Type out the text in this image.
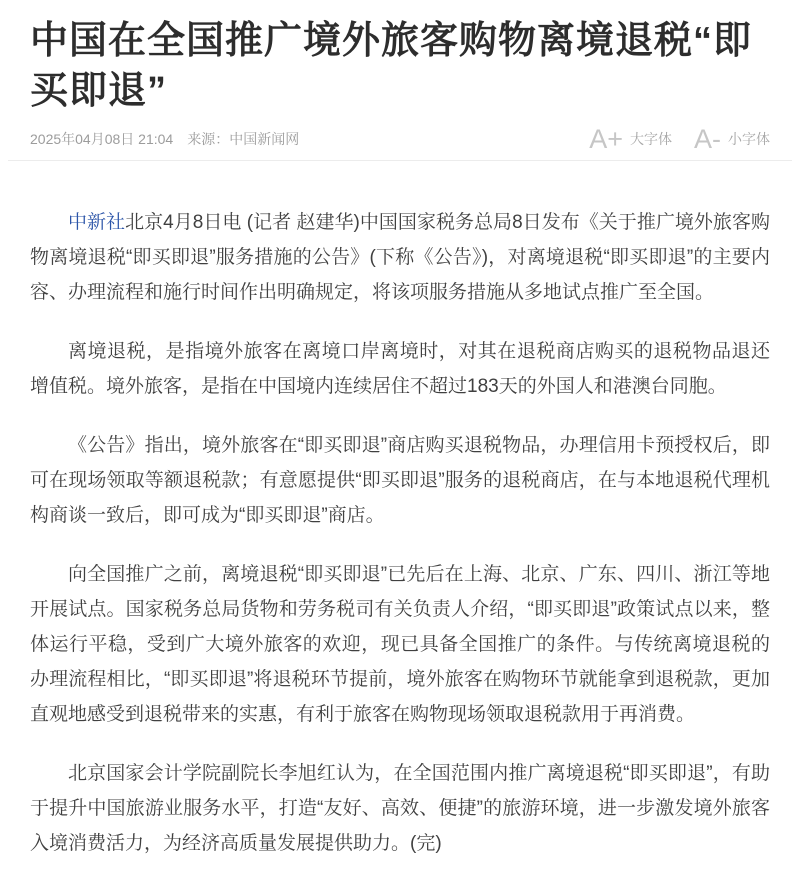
中国在全国推广境外旅客购物离境退税“即买即退”
2025年04月08日 21:04 来源：中国新闻网	A+ 大字体 A- 小字体

中新社北京4月8日电 (记者 赵建华)中国国家税务总局8日发布《关于推广境外旅客购物离境退税“即买即退”服务措施的公告》(下称《公告》)，对离境退税“即买即退”的主要内容、办理流程和施行时间作出明确规定，将该项服务措施从多地试点推广至全国。

离境退税，是指境外旅客在离境口岸离境时，对其在退税商店购买的退税物品退还增值税。境外旅客，是指在中国境内连续居住不超过183天的外国人和港澳台同胞。

《公告》指出，境外旅客在“即买即退”商店购买退税物品，办理信用卡预授权后，即可在现场领取等额退税款；有意愿提供“即买即退”服务的退税商店，在与本地退税代理机构商谈一致后，即可成为“即买即退”商店。

向全国推广之前，离境退税“即买即退”已先后在上海、北京、广东、四川、浙江等地开展试点。国家税务总局货物和劳务税司有关负责人介绍，“即买即退”政策试点以来，整体运行平稳，受到广大境外旅客的欢迎，现已具备全国推广的条件。与传统离境退税的办理流程相比，“即买即退”将退税环节提前，境外旅客在购物环节就能拿到退税款，更加直观地感受到退税带来的实惠，有利于旅客在购物现场领取退税款用于再消费。

北京国家会计学院副院长李旭红认为，在全国范围内推广离境退税“即买即退”，有助于提升中国旅游业服务水平，打造“友好、高效、便捷”的旅游环境，进一步激发境外旅客入境消费活力，为经济高质量发展提供助力。(完)
